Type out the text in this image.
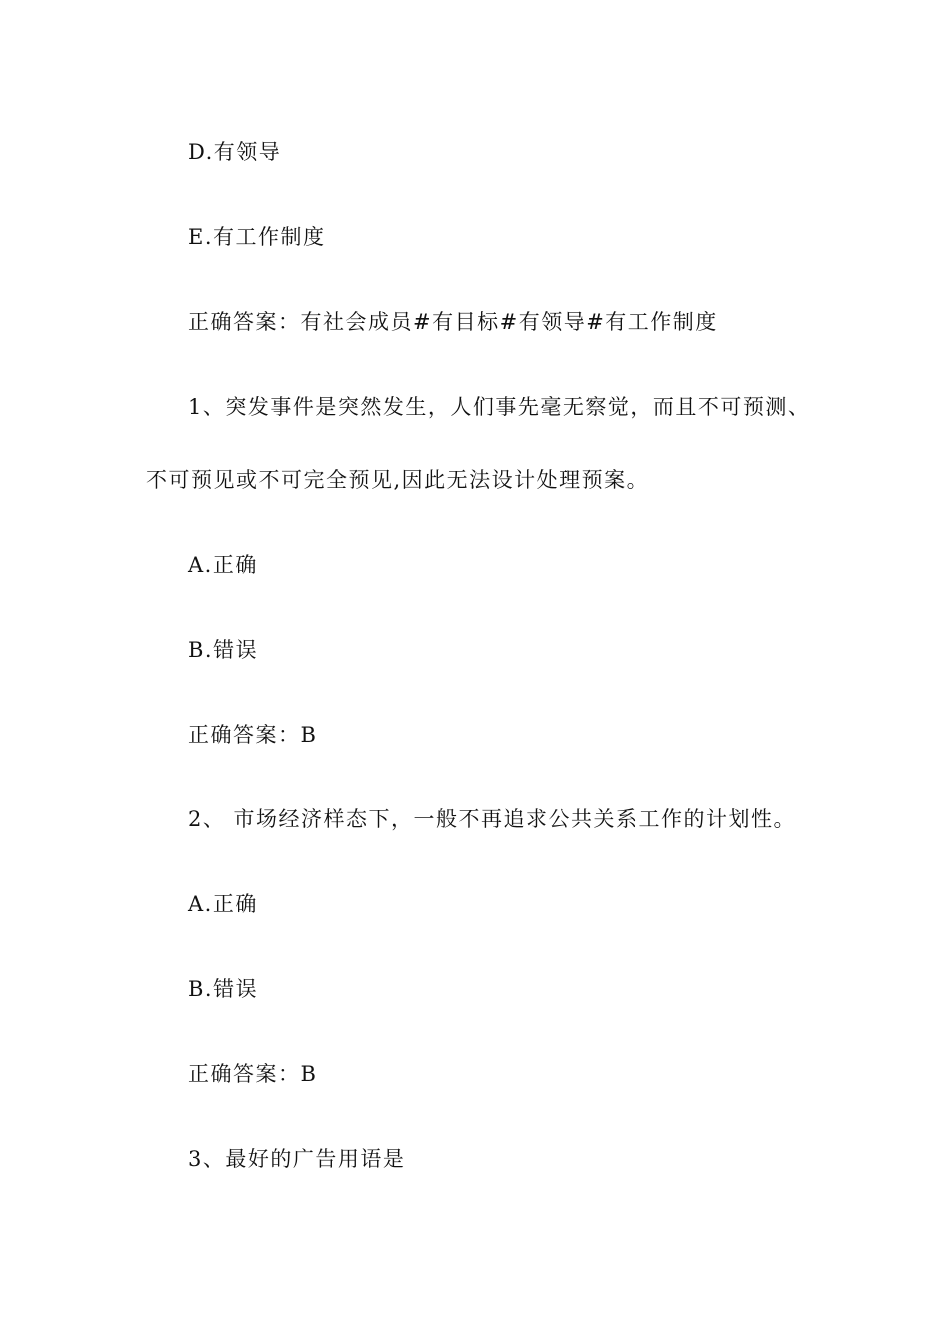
D.有领导
E.有工作制度
正确答案：有社会成员#有目标#有领导#有工作制度
1、突发事件是突然发生，人们事先毫无察觉，而且不可预测、
不可预见或不可完全预见,因此无法设计处理预案。
A.正确
B.错误
正确答案：B
2、 市场经济样态下，一般不再追求公共关系工作的计划性。
A.正确
B.错误
正确答案：B
3、最好的广告用语是
